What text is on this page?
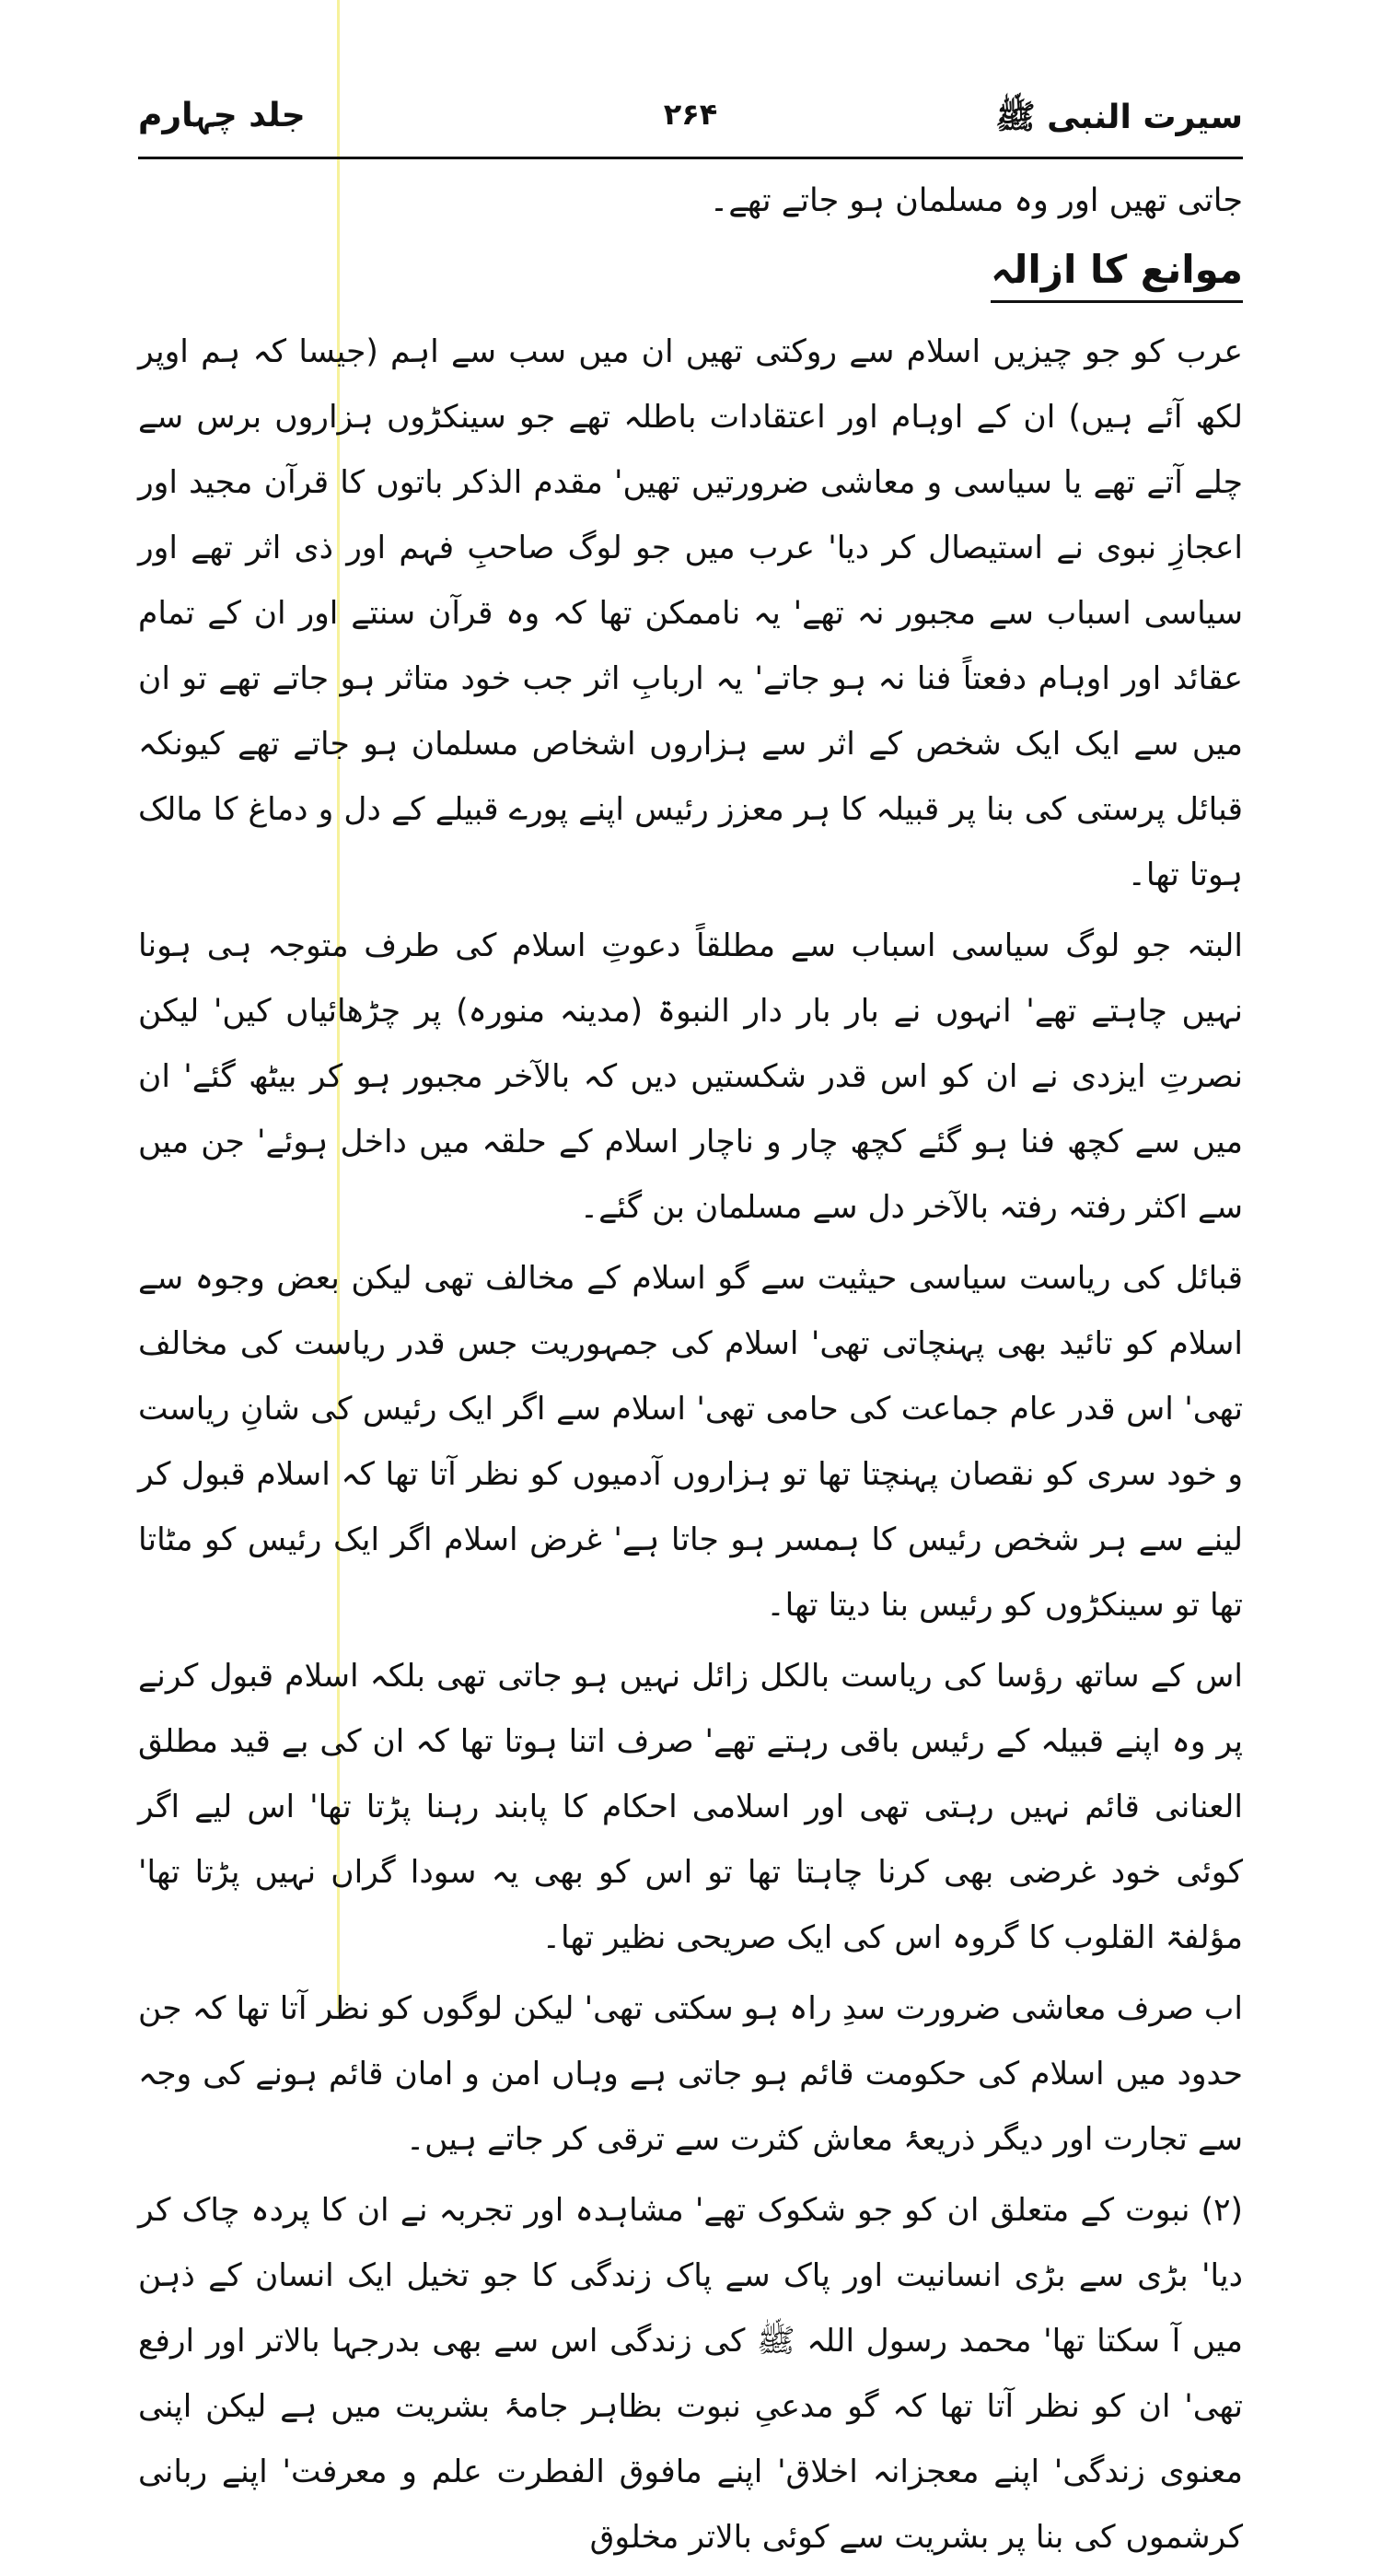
سیرت النبی ﷺ
۲۶۴
جلد چہارم

جاتی تھیں اور وہ مسلمان ہو جاتے تھے۔

موانع کا ازالہ

عرب کو جو چیزیں اسلام سے روکتی تھیں ان میں سب سے اہم (جیسا کہ ہم اوپر لکھ آئے ہیں) ان کے اوہام اور اعتقادات باطلہ تھے جو سینکڑوں ہزاروں برس سے چلے آتے تھے یا سیاسی و معاشی ضرورتیں تھیں' مقدم الذکر باتوں کا قرآن مجید اور اعجازِ نبوی نے استیصال کر دیا' عرب میں جو لوگ صاحبِ فہم اور ذی اثر تھے اور سیاسی اسباب سے مجبور نہ تھے' یہ ناممکن تھا کہ وہ قرآن سنتے اور ان کے تمام عقائد اور اوہام دفعتاً فنا نہ ہو جاتے' یہ اربابِ اثر جب خود متاثر ہو جاتے تھے تو ان میں سے ایک ایک شخص کے اثر سے ہزاروں اشخاص مسلمان ہو جاتے تھے کیونکہ قبائل پرستی کی بنا پر قبیلہ کا ہر معزز رئیس اپنے پورے قبیلے کے دل و دماغ کا مالک ہوتا تھا۔

البتہ جو لوگ سیاسی اسباب سے مطلقاً دعوتِ اسلام کی طرف متوجہ ہی ہونا نہیں چاہتے تھے' انہوں نے بار بار دار النبوۃ (مدینہ منورہ) پر چڑھائیاں کیں' لیکن نصرتِ ایزدی نے ان کو اس قدر شکستیں دیں کہ بالآخر مجبور ہو کر بیٹھ گئے' ان میں سے کچھ فنا ہو گئے کچھ چار و ناچار اسلام کے حلقہ میں داخل ہوئے' جن میں سے اکثر رفتہ رفتہ بالآخر دل سے مسلمان بن گئے۔

قبائل کی ریاست سیاسی حیثیت سے گو اسلام کے مخالف تھی لیکن بعض وجوہ سے اسلام کو تائید بھی پہنچاتی تھی' اسلام کی جمہوریت جس قدر ریاست کی مخالف تھی' اس قدر عام جماعت کی حامی تھی' اسلام سے اگر ایک رئیس کی شانِ ریاست و خود سری کو نقصان پہنچتا تھا تو ہزاروں آدمیوں کو نظر آتا تھا کہ اسلام قبول کر لینے سے ہر شخص رئیس کا ہمسر ہو جاتا ہے' غرض اسلام اگر ایک رئیس کو مٹاتا تھا تو سینکڑوں کو رئیس بنا دیتا تھا۔

اس کے ساتھ رؤسا کی ریاست بالکل زائل نہیں ہو جاتی تھی بلکہ اسلام قبول کرنے پر وہ اپنے قبیلہ کے رئیس باقی رہتے تھے' صرف اتنا ہوتا تھا کہ ان کی بے قید مطلق العنانی قائم نہیں رہتی تھی اور اسلامی احکام کا پابند رہنا پڑتا تھا' اس لیے اگر کوئی خود غرضی بھی کرنا چاہتا تھا تو اس کو بھی یہ سودا گراں نہیں پڑتا تھا' مؤلفۃ القلوب کا گروہ اس کی ایک صریحی نظیر تھا۔

اب صرف معاشی ضرورت سدِ راہ ہو سکتی تھی' لیکن لوگوں کو نظر آتا تھا کہ جن حدود میں اسلام کی حکومت قائم ہو جاتی ہے وہاں امن و امان قائم ہونے کی وجہ سے تجارت اور دیگر ذریعۂ معاش کثرت سے ترقی کر جاتے ہیں۔

(۲) نبوت کے متعلق ان کو جو شکوک تھے' مشاہدہ اور تجربہ نے ان کا پردہ چاک کر دیا' بڑی سے بڑی انسانیت اور پاک سے پاک زندگی کا جو تخیل ایک انسان کے ذہن میں آ سکتا تھا' محمد رسول اللہ ﷺ کی زندگی اس سے بھی بدرجہا بالاتر اور ارفع تھی' ان کو نظر آتا تھا کہ گو مدعیِ نبوت بظاہر جامۂ بشریت میں ہے لیکن اپنی معنوی زندگی' اپنے معجزانہ اخلاق' اپنے مافوق الفطرت علم و معرفت' اپنے ربانی کرشموں کی بنا پر بشریت سے کوئی بالاتر مخلوق
